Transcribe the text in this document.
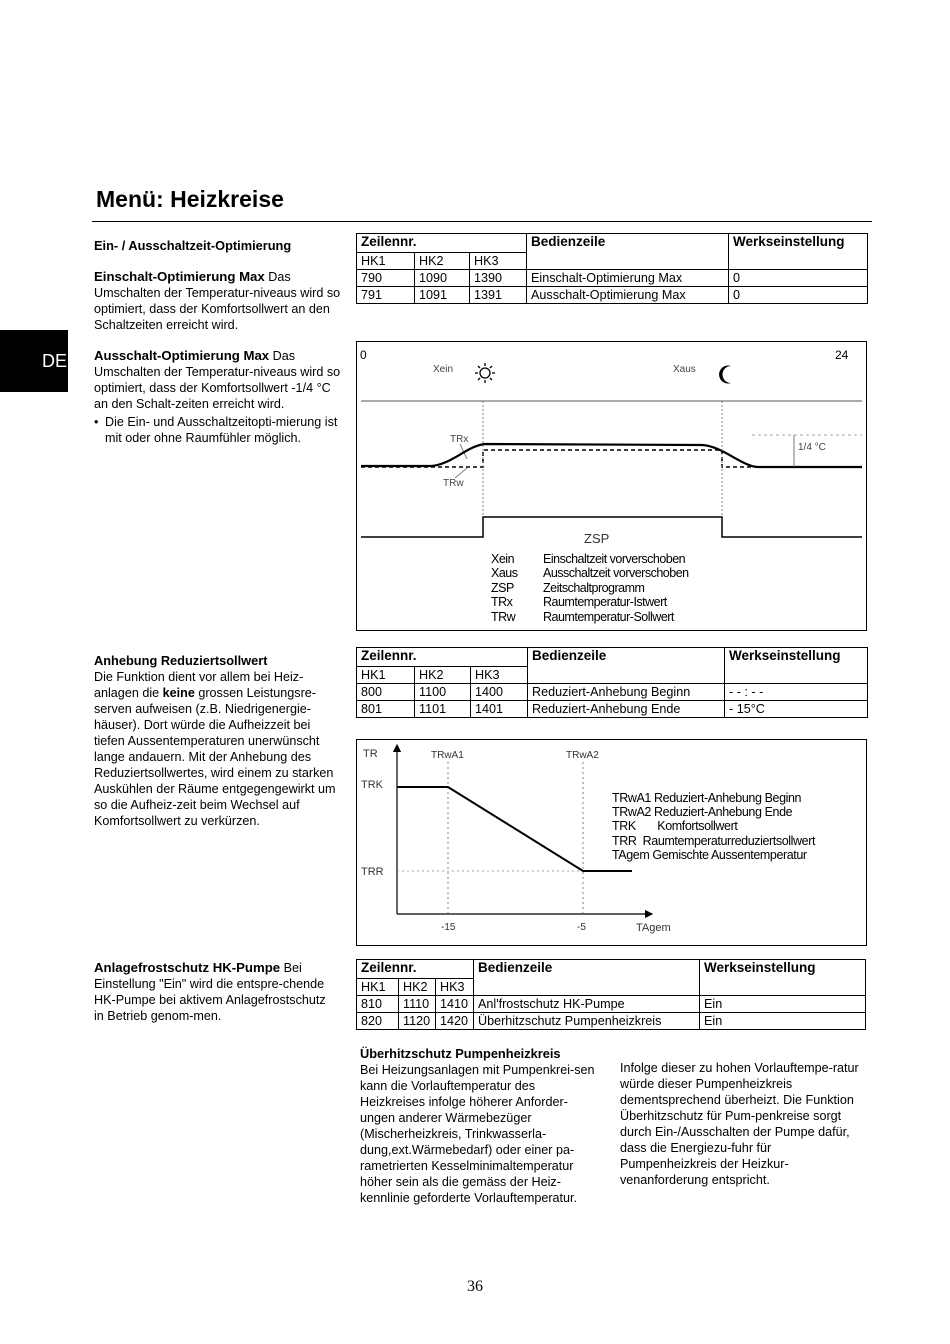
Menü: Heizkreise
DE
Ein- / Ausschaltzeit-Optimierung
Einschalt-Optimierung Max Das Umschalten der Temperatur-niveaus wird so optimiert, dass der Komfortsollwert an den Schaltzeiten erreicht wird.
Ausschalt-Optimierung Max Das Umschalten der Temperatur-niveaus wird so optimiert, dass der Komfortsollwert -1/4 °C an den Schalt-zeiten erreicht wird.
• Die Ein- und Ausschaltzeitopti-mierung ist mit oder ohne Raumfühler möglich.
Zeilennr.			Bedienzeile	Werkseinstellung
HK1	HK2	HK3		
790	1090	1390	Einschalt-Optimierung Max	0
791	1091	1391	Ausschalt-Optimierung Max	0
0	24
Xein	Xaus
TRx
TRw
1/4 °C
ZSP
Xein Einschaltzeit vorverschoben
Xaus Ausschaltzeit vorverschoben
ZSP Zeitschaltprogramm
TRx Raumtemperatur-Istwert
TRw Raumtemperatur-Sollwert
Anhebung Reduziertsollwert
Die Funktion dient vor allem bei Heiz-anlagen die keine grossen Leistungsre-serven aufweisen (z.B. Niedrigenergie-häuser). Dort würde die Aufheizzeit bei tiefen Aussentemperaturen unerwünscht lange andauern. Mit der Anhebung des Reduziertsollwertes, wird einem zu starken Auskühlen der Räume entgegengewirkt um so die Aufheiz-zeit beim Wechsel auf Komfortsollwert zu verkürzen.
Zeilennr.			Bedienzeile	Werkseinstellung
HK1	HK2	HK3		
800	1100	1400	Reduziert-Anhebung Beginn	- - : - -
801	1101	1401	Reduziert-Anhebung Ende	- 15°C
TR
TRK
TRR
TRwA1	TRwA2
-15	-5	TAgem
TRwA1 Reduziert-Anhebung Beginn
TRwA2 Reduziert-Anhebung Ende
TRK       Komfortsollwert
TRR  Raumtemperaturreduziertsollwert
TAgem Gemischte Aussentemperatur
Anlagefrostschutz HK-Pumpe Bei Einstellung "Ein" wird die entspre-chende HK-Pumpe bei aktivem Anlagefrostschutz in Betrieb genom-men.
Zeilennr.			Bedienzeile	Werkseinstellung
HK1	HK2	HK3		
810	1110	1410	Anl'frostschutz HK-Pumpe	Ein
820	1120	1420	Überhitzschutz Pumpenheizkreis	Ein
Überhitzschutz Pumpenheizkreis
Bei Heizungsanlagen mit Pumpenkrei-sen kann die Vorlauftemperatur des Heizkreises infolge höherer Anforder-ungen anderer Wärmebezüger (Mischerheizkreis, Trinkwasserla-dung,ext.Wärmebedarf) oder einer pa-rametrierten Kesselminimaltemperatur höher sein als die gemäss der Heiz-kennlinie geforderte Vorlauftemperatur.
Infolge dieser zu hohen Vorlauftempe-ratur würde dieser Pumpenheizkreis dementsprechend überheizt. Die Funktion Überhitzschutz für Pum-penkreise sorgt durch Ein-/Ausschalten der Pumpe dafür, dass die Energiezu-fuhr für Pumpenheizkreis der Heizkur-venanforderung entspricht.
36
